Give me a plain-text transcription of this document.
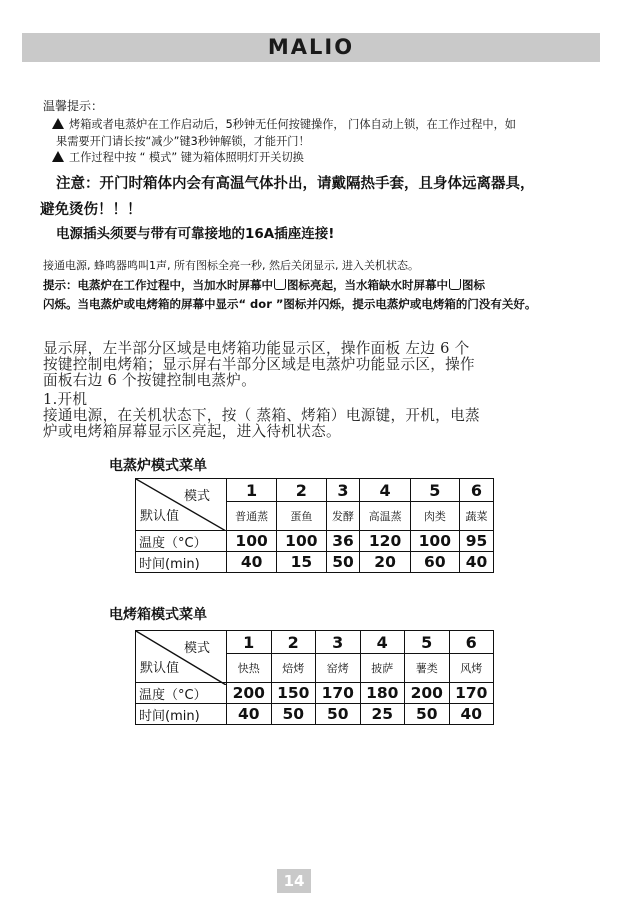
MALIO
温馨提示：
烤箱或者电蒸炉在工作启动后，5秒钟无任何按键操作， 门体自动上锁，在工作过程中，如
果需要开门请长按“减少”键3秒钟解锁，才能开门！
工作过程中按 “ 模式” 键为箱体照明灯开关切换
注意：开门时箱体内会有高温气体扑出，请戴隔热手套，且身体远离器具，
避免烫伤！！！
电源插头须要与带有可靠接地的16A插座连接!
接通电源, 蜂鸣器鸣叫1声, 所有图标全亮一秒, 然后关闭显示, 进入关机状态。
提示：电蒸炉在工作过程中，当加水时屏幕中 图标亮起，当水箱缺水时屏幕中 图标
闪烁。当电蒸炉或电烤箱的屏幕中显示“ dor ”图标并闪烁，提示电蒸炉或电烤箱的门没有关好。
显示屏，左半部分区域是电烤箱功能显示区，操作面板 左边 6 个
按键控制电烤箱；显示屏右半部分区域是电蒸炉功能显示区，操作
面板右边 6 个按键控制电蒸炉。
1.开机
接通电源，在关机状态下，按（ 蒸箱、烤箱）电源键，开机，电蒸
炉或电烤箱屏幕显示区亮起，进入待机状态。
电蒸炉模式菜单
模式
默认值	1	2	3	4	5	6
	普通蒸	蛋鱼	发酵	高温蒸	肉类	蔬菜
温度（°C）	100	100	36	120	100	95
时间(min)	40	15	50	20	60	40
电烤箱模式菜单
模式
默认值	1	2	3	4	5	6
	快热	焙烤	窑烤	披萨	薯类	风烤
温度（°C）	200	150	170	180	200	170
时间(min)	40	50	50	25	50	40
14
